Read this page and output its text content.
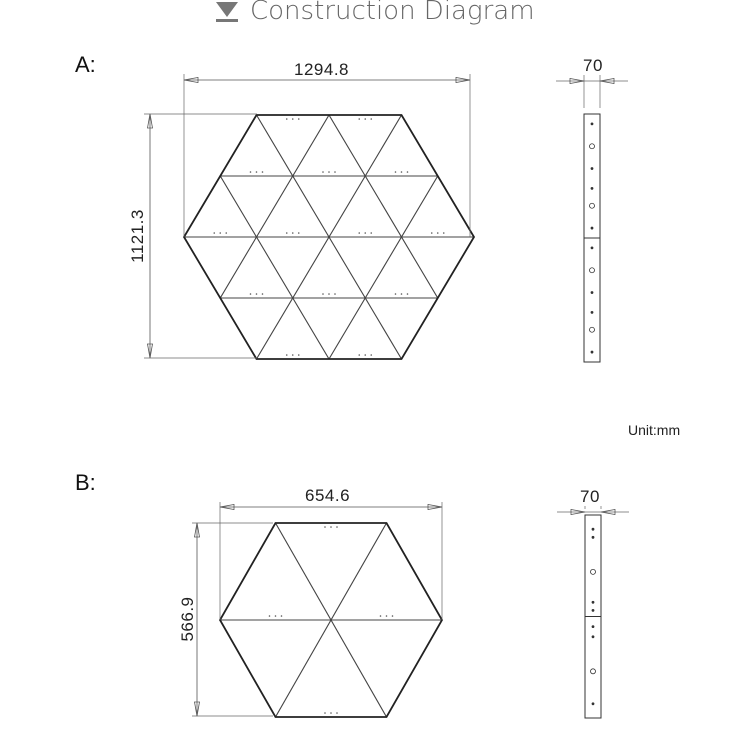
Construction Diagram
A:	1294.8
1121.3
70
Unit:mm
B:
654.6
566.9
70
